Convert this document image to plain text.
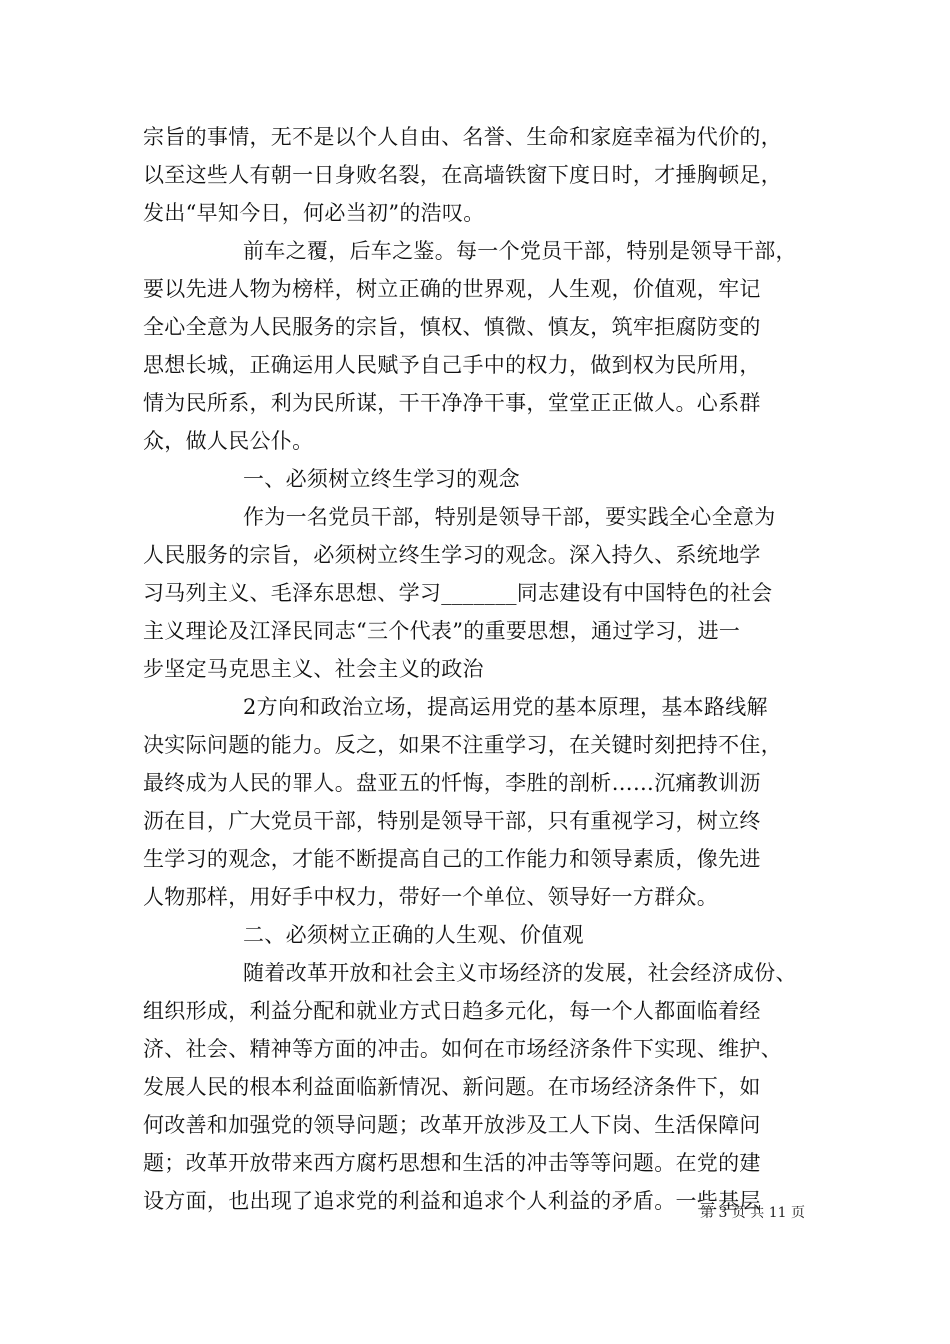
宗旨的事情，无不是以个人自由、名誉、生命和家庭幸福为代价的，
以至这些人有朝一日身败名裂，在高墙铁窗下度日时，才捶胸顿足，
发出“早知今日，何必当初”的浩叹。
前车之覆，后车之鉴。每一个党员干部，特别是领导干部，
要以先进人物为榜样，树立正确的世界观，人生观，价值观，牢记
全心全意为人民服务的宗旨，慎权、慎微、慎友，筑牢拒腐防变的
思想长城，正确运用人民赋予自己手中的权力，做到权为民所用，
情为民所系，利为民所谋，干干净净干事，堂堂正正做人。心系群
众，做人民公仆。
一、必须树立终生学习的观念
作为一名党员干部，特别是领导干部，要实践全心全意为
人民服务的宗旨，必须树立终生学习的观念。深入持久、系统地学
习马列主义、毛泽东思想、学习_______同志建设有中国特色的社会
主义理论及江泽民同志“三个代表”的重要思想，通过学习，进一
步坚定马克思主义、社会主义的政治
2方向和政治立场，提高运用党的基本原理，基本路线解
决实际问题的能力。反之，如果不注重学习，在关键时刻把持不住，
最终成为人民的罪人。盘亚五的忏悔，李胜的剖析……沉痛教训沥
沥在目，广大党员干部，特别是领导干部，只有重视学习，树立终
生学习的观念，才能不断提高自己的工作能力和领导素质，像先进
人物那样，用好手中权力，带好一个单位、领导好一方群众。
二、必须树立正确的人生观、价值观
随着改革开放和社会主义市场经济的发展，社会经济成份、
组织形成，利益分配和就业方式日趋多元化，每一个人都面临着经
济、社会、精神等方面的冲击。如何在市场经济条件下实现、维护、
发展人民的根本利益面临新情况、新问题。在市场经济条件下，如
何改善和加强党的领导问题；改革开放涉及工人下岗、生活保障问
题；改革开放带来西方腐朽思想和生活的冲击等等问题。在党的建
设方面，也出现了追求党的利益和追求个人利益的矛盾。一些基层
第 3 页 共 11 页
